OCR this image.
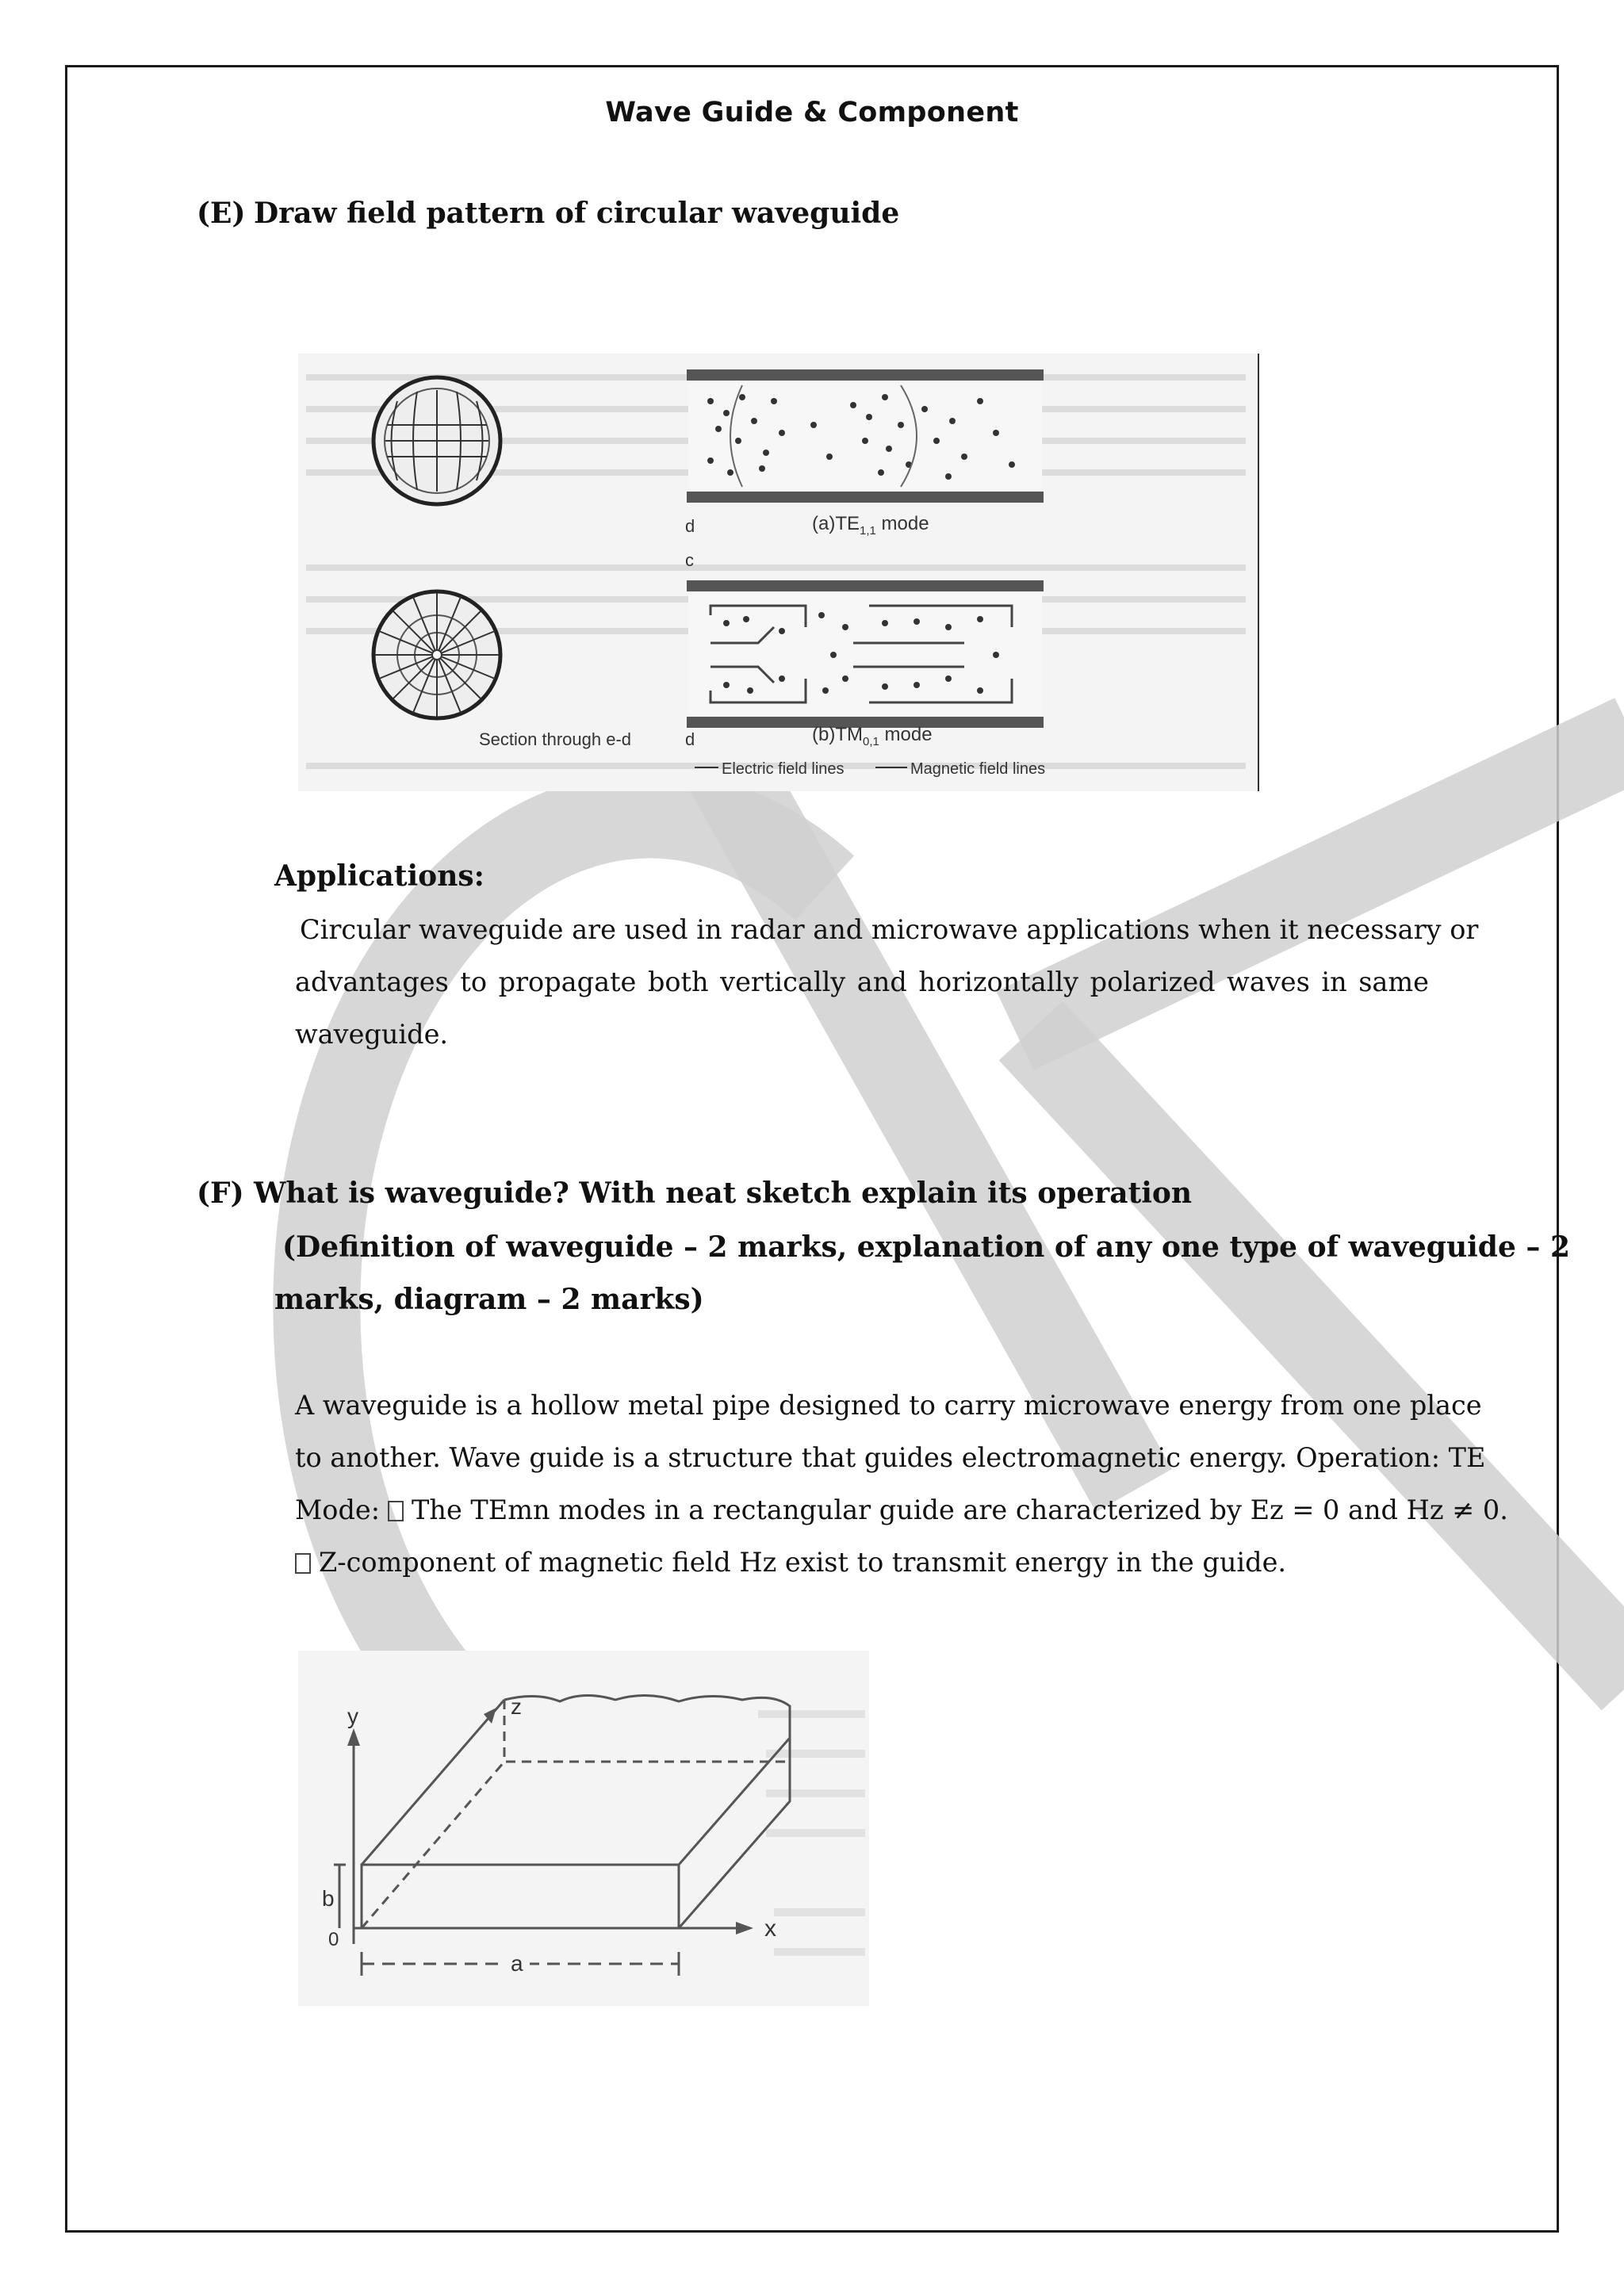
Wave Guide & Component
(E) Draw field pattern of circular waveguide
d	$(a)TE_{1,1}$ mode
c
Section through e-d	d	$(b)TM_{0,1}$ mode
Electric field lines	Magnetic field lines
Applications:
Circular waveguide are used in radar and microwave applications when it necessary or
advantages to propagate both vertically and horizontally polarized waves in same
waveguide.
(F) What is waveguide? With neat sketch explain its operation
(Definition of waveguide – 2 marks, explanation of any one type of waveguide – 2
marks, diagram – 2 marks)
A waveguide is a hollow metal pipe designed to carry microwave energy from one place
to another. Wave guide is a structure that guides electromagnetic energy. Operation: TE
Mode: The TEmn modes in a rectangular guide are characterized by Ez = 0 and Hz ≠ 0.
Z-component of magnetic field Hz exist to transmit energy in the guide.
y
x
z
b
0
a
